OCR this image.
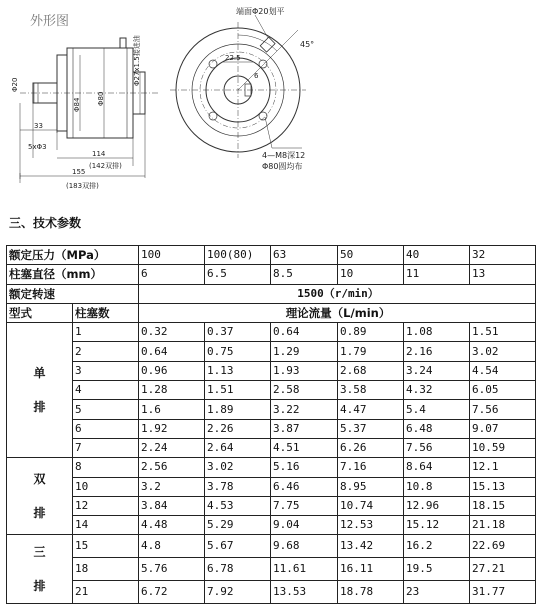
Φ20
Φ84 Φ80
Φ27x1.5接进油
33
5xΦ3
114
(142双排)
155
(183双排)
端面Φ20划平
45°
22.5
6
4—M8深12
Φ80圆均布
外形图
三、技术参数
额定压力（MPa）		100	100(80)	63	50	40	32
柱塞直径（mm）		6	6.5	8.5	10	11	13
额定转速		1500（r/min）					
型式	柱塞数	理论流量（L/min）					

单
排	1	0.32	0.37	0.64	0.89	1.08	1.51
	2	0.64	0.75	1.29	1.79	2.16	3.02
	3	0.96	1.13	1.93	2.68	3.24	4.54
	4	1.28	1.51	2.58	3.58	4.32	6.05
	5	1.6	1.89	3.22	4.47	5.4	7.56
	6	1.92	2.26	3.87	5.37	6.48	9.07
	7	2.24	2.64	4.51	6.26	7.56	10.59

双
排	8	2.56	3.02	5.16	7.16	8.64	12.1
	10	3.2	3.78	6.46	8.95	10.8	15.13
	12	3.84	4.53	7.75	10.74	12.96	18.15
	14	4.48	5.29	9.04	12.53	15.12	21.18

三
排	15	4.8	5.67	9.68	13.42	16.2	22.69
	18	5.76	6.78	11.61	16.11	19.5	27.21
	21	6.72	7.92	13.53	18.78	23	31.77
